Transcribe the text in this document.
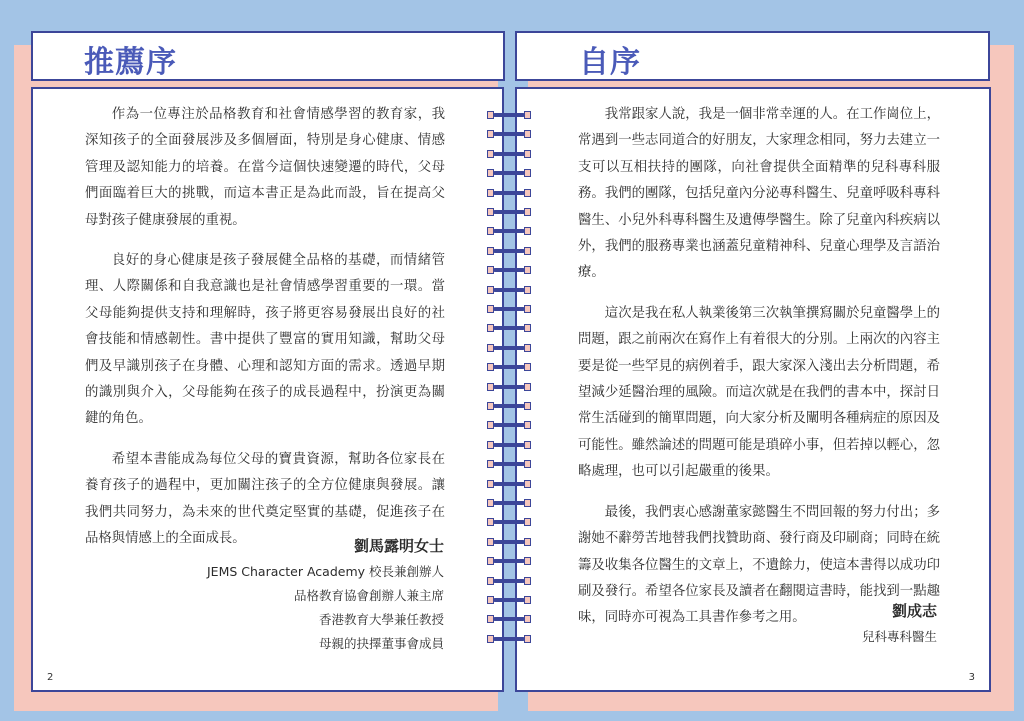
推薦序	自序

作為一位專注於品格教育和社會情感學習的教育家，我深知孩子的全面發展涉及多個層面，特別是身心健康、情感管理及認知能力的培養。在當今這個快速變遷的時代，父母們面臨着巨大的挑戰，而這本書正是為此而設，旨在提高父母對孩子健康發展的重視。

良好的身心健康是孩子發展健全品格的基礎，而情緒管理、人際關係和自我意識也是社會情感學習重要的一環。當父母能夠提供支持和理解時，孩子將更容易發展出良好的社會技能和情感韌性。書中提供了豐富的實用知識，幫助父母們及早識別孩子在身體、心理和認知方面的需求。透過早期的識別與介入，父母能夠在孩子的成長過程中，扮演更為關鍵的角色。

希望本書能成為每位父母的寶貴資源，幫助各位家長在養育孩子的過程中，更加關注孩子的全方位健康與發展。讓我們共同努力，為未來的世代奠定堅實的基礎，促進孩子在品格與情感上的全面成長。	劉馬露明女士
JEMS Character Academy 校長兼創辦人
品格教育協會創辦人兼主席
香港教育大學兼任教授
母親的抉擇董事會成員
2

我常跟家人說，我是一個非常幸運的人。在工作崗位上，常遇到一些志同道合的好朋友，大家理念相同，努力去建立一支可以互相扶持的團隊，向社會提供全面精準的兒科專科服務。我們的團隊，包括兒童內分泌專科醫生、兒童呼吸科專科醫生、小兒外科專科醫生及遺傳學醫生。除了兒童內科疾病以外，我們的服務專業也涵蓋兒童精神科、兒童心理學及言語治療。

這次是我在私人執業後第三次執筆撰寫關於兒童醫學上的問題，跟之前兩次在寫作上有着很大的分別。上兩次的內容主要是從一些罕見的病例着手，跟大家深入淺出去分析問題，希望減少延醫治理的風險。而這次就是在我們的書本中，探討日常生活碰到的簡單問題，向大家分析及闡明各種病症的原因及可能性。雖然論述的問題可能是瑣碎小事，但若掉以輕心，忽略處理，也可以引起嚴重的後果。

最後，我們衷心感謝董家懿醫生不問回報的努力付出；多謝她不辭勞苦地替我們找贊助商、發行商及印刷商；同時在統籌及收集各位醫生的文章上，不遺餘力，使這本書得以成功印刷及發行。希望各位家長及讀者在翻閱這書時，能找到一點趣味，同時亦可視為工具書作參考之用。	劉成志
兒科專科醫生
3
